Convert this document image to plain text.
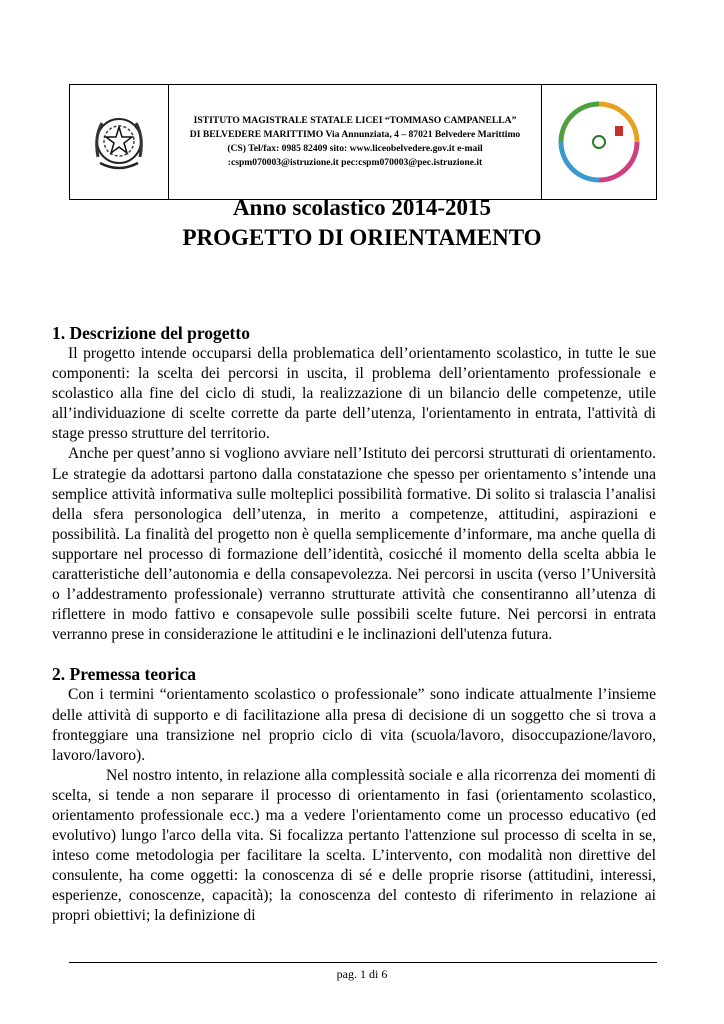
ISTITUTO MAGISTRALE STATALE LICEI “TOMMASO CAMPANELLA”
DI BELVEDERE MARITTIMO Via Annunziata, 4 – 87021 Belvedere Marittimo
(CS) Tel/fax: 0985 82409 sito: www.liceobelvedere.gov.it e-mail
:cspm070003@istruzione.it pec:cspm070003@pec.istruzione.it
Anno scolastico 2014-2015
PROGETTO DI ORIENTAMENTO
1. Descrizione del progetto

Il progetto intende occuparsi della problematica dell’orientamento scolastico, in tutte le sue componenti: la scelta dei percorsi in uscita, il problema dell’orientamento professionale e scolastico alla fine del ciclo di studi, la realizzazione di un bilancio delle competenze, utile all’individuazione di scelte corrette da parte dell’utenza, l'orientamento in entrata, l'attività di stage presso strutture del territorio.

Anche per quest’anno si vogliono avviare nell’Istituto dei percorsi strutturati di orientamento. Le strategie da adottarsi partono dalla constatazione che spesso per orientamento s’intende una semplice attività informativa sulle molteplici possibilità formative. Di solito si tralascia l’analisi della sfera personologica dell’utenza, in merito a competenze, attitudini, aspirazioni e possibilità. La finalità del progetto non è quella semplicemente d’informare, ma anche quella di supportare nel processo di formazione dell’identità, cosicché il momento della scelta abbia le caratteristiche dell’autonomia e della consapevolezza. Nei percorsi in uscita (verso l’Università o l’addestramento professionale) verranno strutturate attività che consentiranno all’utenza di riflettere in modo fattivo e consapevole sulle possibili scelte future. Nei percorsi in entrata verranno prese in considerazione le attitudini e le inclinazioni dell'utenza futura.

2. Premessa teorica

Con i termini “orientamento scolastico o professionale” sono indicate attualmente l’insieme delle attività di supporto e di facilitazione alla presa di decisione di un soggetto che si trova a fronteggiare una transizione nel proprio ciclo di vita (scuola/lavoro, disoccupazione/lavoro, lavoro/lavoro).

Nel nostro intento, in relazione alla complessità sociale e alla ricorrenza dei momenti di scelta, si tende a non separare il processo di orientamento in fasi (orientamento scolastico, orientamento professionale ecc.) ma a vedere l'orientamento come un processo educativo (ed evolutivo) lungo l'arco della vita. Si focalizza pertanto l'attenzione sul processo di scelta in se, inteso come metodologia per facilitare la scelta. L’intervento, con modalità non direttive del consulente, ha come oggetti: la conoscenza di sé e delle proprie risorse (attitudini, interessi, esperienze, conoscenze, capacità); la conoscenza del contesto di riferimento in relazione ai propri obiettivi; la definizione di

pag. 1 di 6
